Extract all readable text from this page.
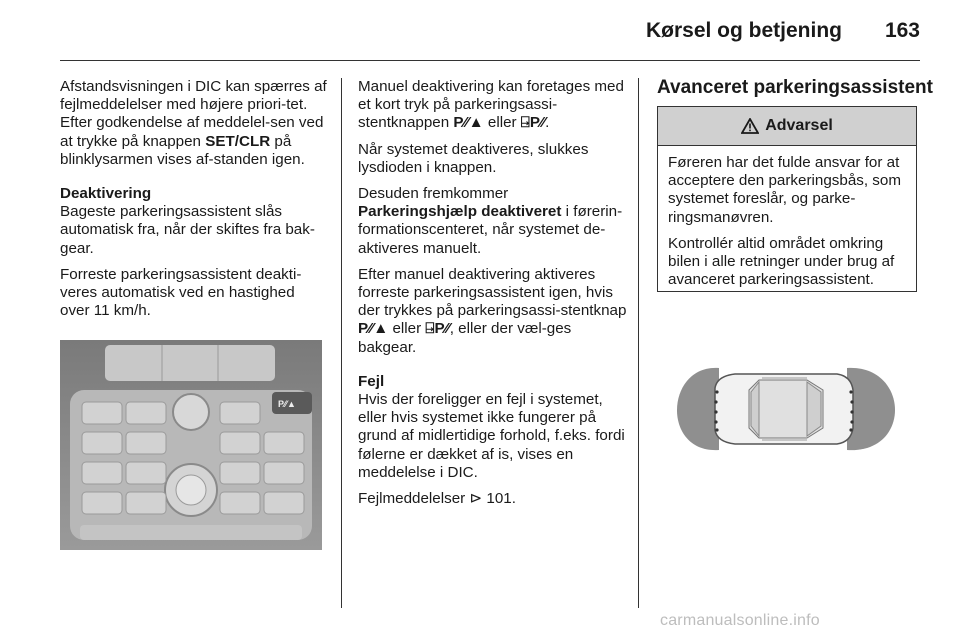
Kørsel og betjening	163

Afstandsvisningen i DIC kan spærres af fejlmeddelelser med højere priori-tet. Efter godkendelse af meddelel-sen ved at trykke på knappen SET/CLR på blinklysarmen vises af-standen igen.

Deaktivering

Bageste parkeringsassistent slås automatisk fra, når der skiftes fra bak-gear.

Forreste parkeringsassistent deakti-veres automatisk ved en hastighed over 11 km/h.

P⁄⁄▲

Manuel deaktivering kan foretages med et kort tryk på parkeringsassi-stentknappen P⁄⁄▲ eller ⍈P⁄⁄.

Når systemet deaktiveres, slukkes lysdioden i knappen.

Desuden fremkommer Parkeringshjælp deaktiveret i førerin-formationscenteret, når systemet de-aktiveres manuelt.

Efter manuel deaktivering aktiveres forreste parkeringsassistent igen, hvis der trykkes på parkeringsassi-stentknap P⁄⁄▲ eller ⍈P⁄⁄, eller der væl-ges bakgear.

Fejl

Hvis der foreligger en fejl i systemet, eller hvis systemet ikke fungerer på grund af midlertidige forhold, f.eks. fordi følerne er dækket af is, vises en meddelelse i DIC.

Fejlmeddelelser ⊳ 101.

Avanceret parkeringsassistent
Advarsel

Føreren har det fulde ansvar for at acceptere den parkeringsbås, som systemet foreslår, og parke-ringsmanøvren.

Kontrollér altid området omkring bilen i alle retninger under brug af avanceret parkeringsassistent.

carmanualsonline.info
